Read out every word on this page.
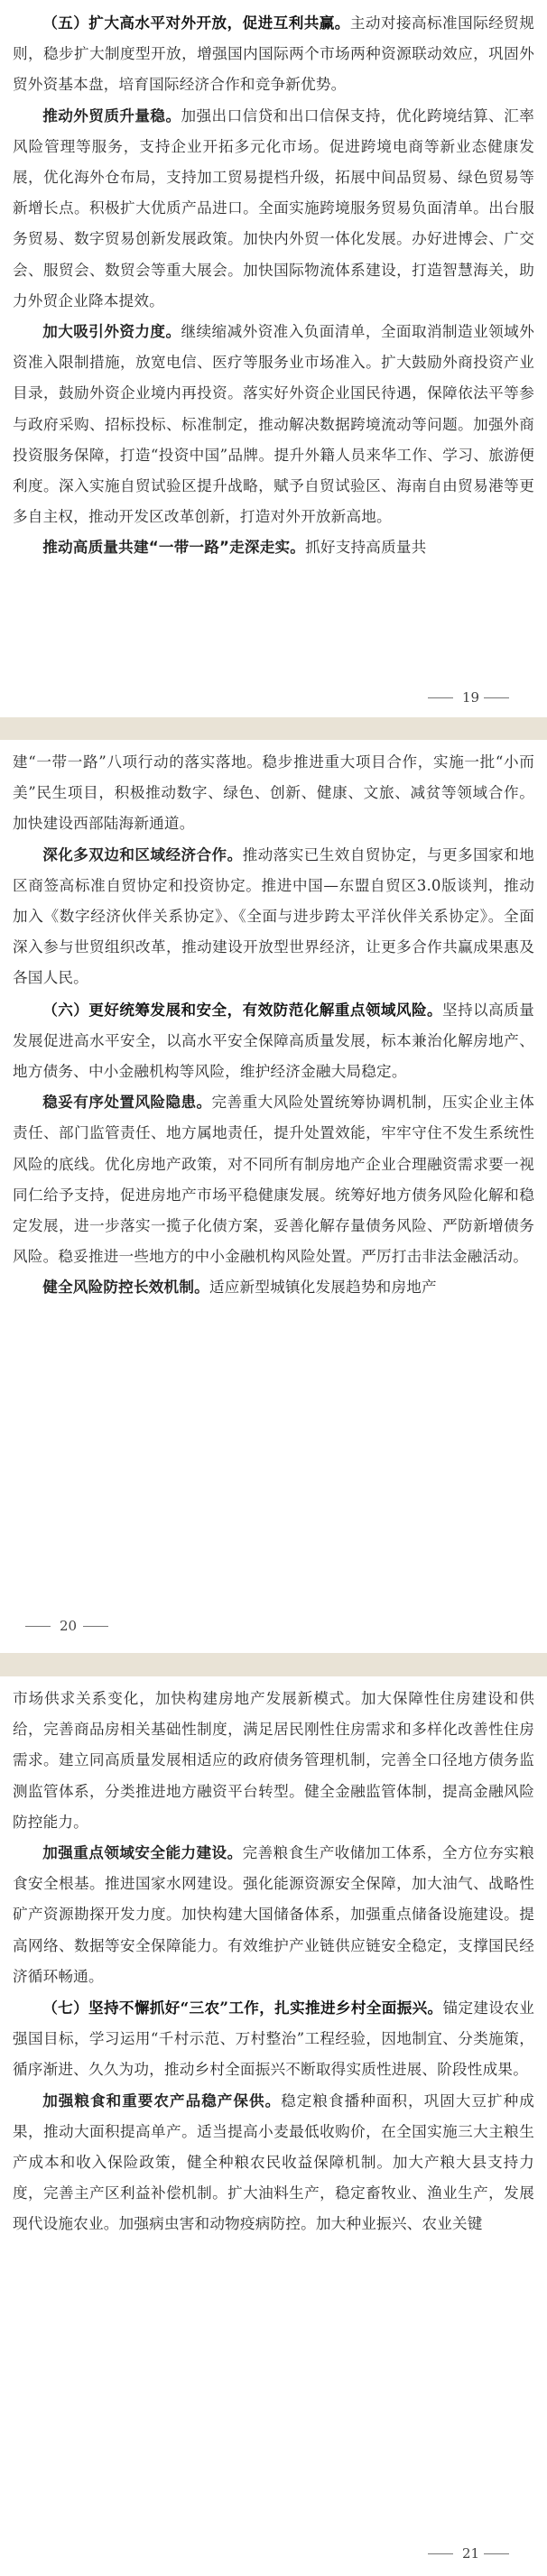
（五）扩大高水平对外开放，促进互利共赢。主动对接高标准国际经贸规则，稳步扩大制度型开放，增强国内国际两个市场两种资源联动效应，巩固外贸外资基本盘，培育国际经济合作和竞争新优势。

推动外贸质升量稳。加强出口信贷和出口信保支持，优化跨境结算、汇率风险管理等服务，支持企业开拓多元化市场。促进跨境电商等新业态健康发展，优化海外仓布局，支持加工贸易提档升级，拓展中间品贸易、绿色贸易等新增长点。积极扩大优质产品进口。全面实施跨境服务贸易负面清单。出台服务贸易、数字贸易创新发展政策。加快内外贸一体化发展。办好进博会、广交会、服贸会、数贸会等重大展会。加快国际物流体系建设，打造智慧海关，助力外贸企业降本提效。

加大吸引外资力度。继续缩减外资准入负面清单，全面取消制造业领域外资准入限制措施，放宽电信、医疗等服务业市场准入。扩大鼓励外商投资产业目录，鼓励外资企业境内再投资。落实好外资企业国民待遇，保障依法平等参与政府采购、招标投标、标准制定，推动解决数据跨境流动等问题。加强外商投资服务保障，打造“投资中国”品牌。提升外籍人员来华工作、学习、旅游便利度。深入实施自贸试验区提升战略，赋予自贸试验区、海南自由贸易港等更多自主权，推动开发区改革创新，打造对外开放新高地。

推动高质量共建“一带一路”走深走实。抓好支持高质量共

19

建“一带一路”八项行动的落实落地。稳步推进重大项目合作，实施一批“小而美”民生项目，积极推动数字、绿色、创新、健康、文旅、减贫等领域合作。加快建设西部陆海新通道。

深化多双边和区域经济合作。推动落实已生效自贸协定，与更多国家和地区商签高标准自贸协定和投资协定。推进中国—东盟自贸区3.0版谈判，推动加入《数字经济伙伴关系协定》、《全面与进步跨太平洋伙伴关系协定》。全面深入参与世贸组织改革，推动建设开放型世界经济，让更多合作共赢成果惠及各国人民。

（六）更好统筹发展和安全，有效防范化解重点领域风险。坚持以高质量发展促进高水平安全，以高水平安全保障高质量发展，标本兼治化解房地产、地方债务、中小金融机构等风险，维护经济金融大局稳定。

稳妥有序处置风险隐患。完善重大风险处置统筹协调机制，压实企业主体责任、部门监管责任、地方属地责任，提升处置效能，牢牢守住不发生系统性风险的底线。优化房地产政策，对不同所有制房地产企业合理融资需求要一视同仁给予支持，促进房地产市场平稳健康发展。统筹好地方债务风险化解和稳定发展，进一步落实一揽子化债方案，妥善化解存量债务风险、严防新增债务风险。稳妥推进一些地方的中小金融机构风险处置。严厉打击非法金融活动。

健全风险防控长效机制。适应新型城镇化发展趋势和房地产

20

市场供求关系变化，加快构建房地产发展新模式。加大保障性住房建设和供给，完善商品房相关基础性制度，满足居民刚性住房需求和多样化改善性住房需求。建立同高质量发展相适应的政府债务管理机制，完善全口径地方债务监测监管体系，分类推进地方融资平台转型。健全金融监管体制，提高金融风险防控能力。

加强重点领域安全能力建设。完善粮食生产收储加工体系，全方位夯实粮食安全根基。推进国家水网建设。强化能源资源安全保障，加大油气、战略性矿产资源勘探开发力度。加快构建大国储备体系，加强重点储备设施建设。提高网络、数据等安全保障能力。有效维护产业链供应链安全稳定，支撑国民经济循环畅通。

（七）坚持不懈抓好“三农”工作，扎实推进乡村全面振兴。锚定建设农业强国目标，学习运用“千村示范、万村整治”工程经验，因地制宜、分类施策，循序渐进、久久为功，推动乡村全面振兴不断取得实质性进展、阶段性成果。

加强粮食和重要农产品稳产保供。稳定粮食播种面积，巩固大豆扩种成果，推动大面积提高单产。适当提高小麦最低收购价，在全国实施三大主粮生产成本和收入保险政策，健全种粮农民收益保障机制。加大产粮大县支持力度，完善主产区利益补偿机制。扩大油料生产，稳定畜牧业、渔业生产，发展现代设施农业。加强病虫害和动物疫病防控。加大种业振兴、农业关键

21
